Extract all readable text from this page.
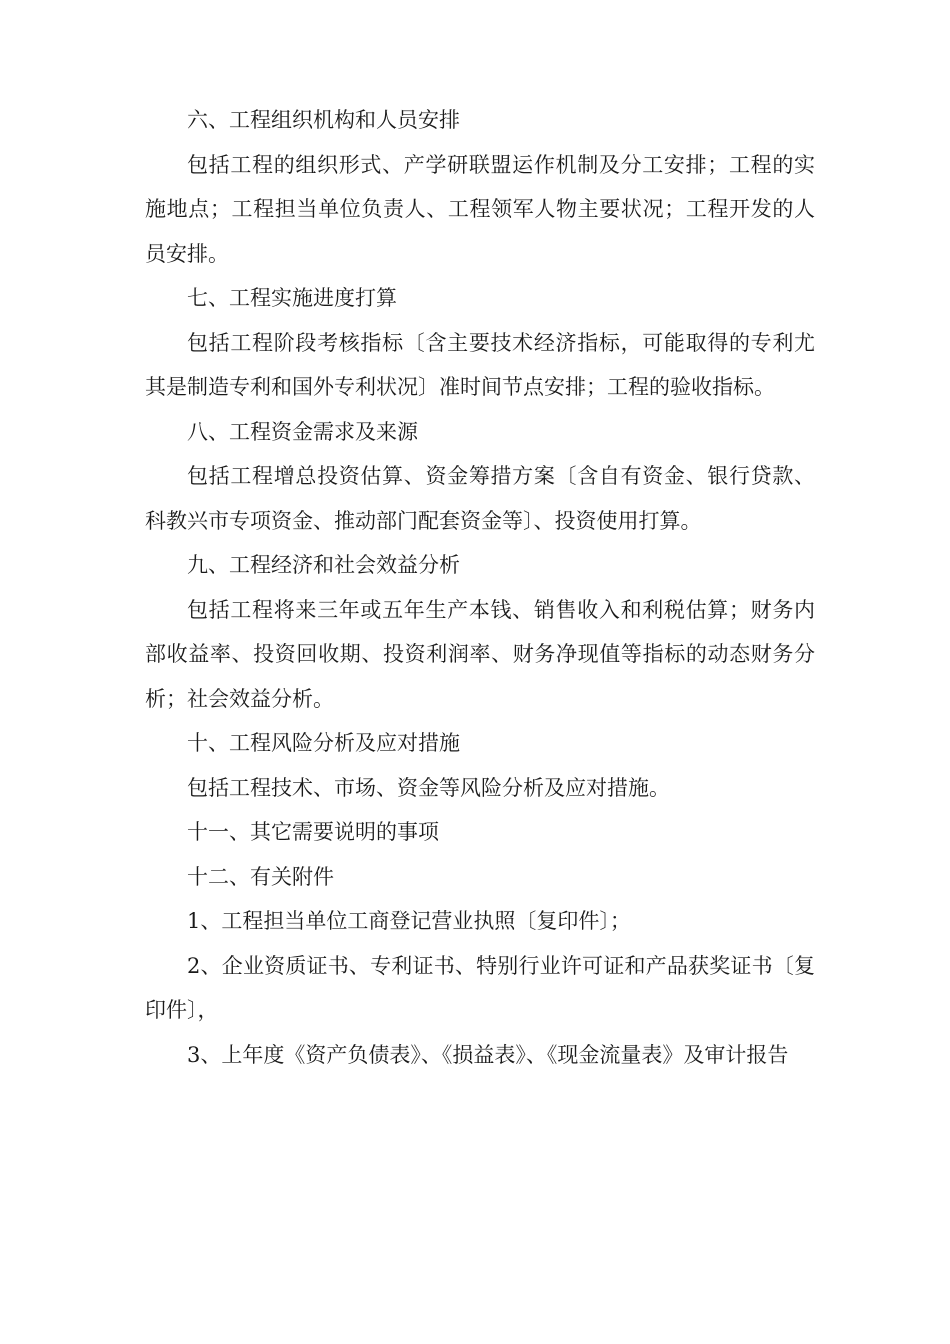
六、工程组织机构和人员安排

包括工程的组织形式、产学研联盟运作机制及分工安排；工程的实施地点；工程担当单位负责人、工程领军人物主要状况；工程开发的人员安排。

七、工程实施进度打算

包括工程阶段考核指标〔含主要技术经济指标，可能取得的专利尤其是制造专利和国外专利状况〕准时间节点安排；工程的验收指标。

八、工程资金需求及来源

包括工程增总投资估算、资金筹措方案〔含自有资金、银行贷款、科教兴市专项资金、推动部门配套资金等〕、投资使用打算。

九、工程经济和社会效益分析

包括工程将来三年或五年生产本钱、销售收入和利税估算；财务内部收益率、投资回收期、投资利润率、财务净现值等指标的动态财务分析；社会效益分析。

十、工程风险分析及应对措施

包括工程技术、市场、资金等风险分析及应对措施。

十一、其它需要说明的事项

十二、有关附件

1、工程担当单位工商登记营业执照〔复印件〕；

2、企业资质证书、专利证书、特别行业许可证和产品获奖证书〔复印件〕，

3、上年度《资产负债表》、《损益表》、《现金流量表》及审计报告
